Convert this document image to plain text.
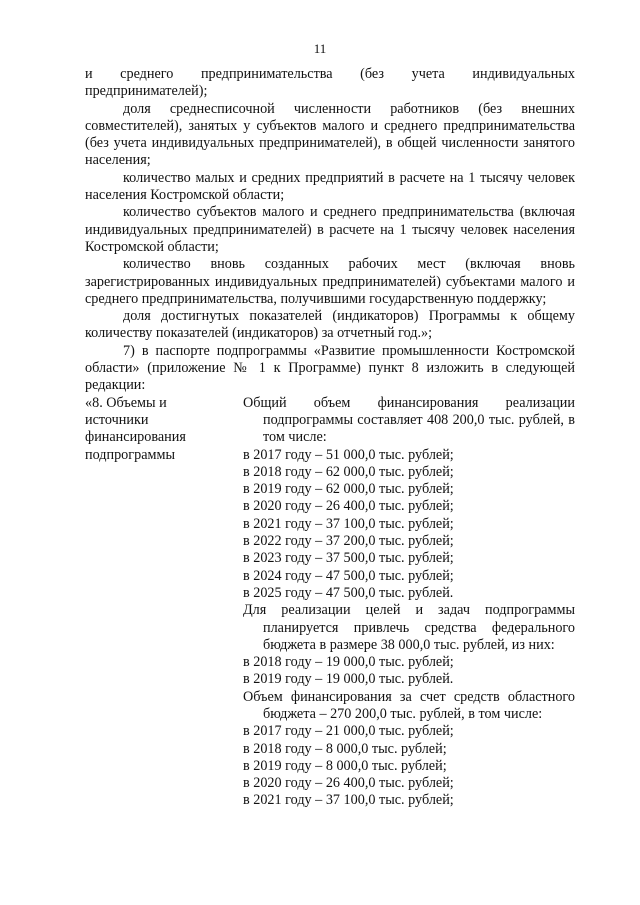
11

и среднего предпринимательства (без учета индивидуальных предпринимателей);

доля среднесписочной численности работников (без внешних совместителей), занятых у субъектов малого и среднего предпринимательства (без учета индивидуальных предпринимателей), в общей численности занятого населения;

количество малых и средних предприятий в расчете на 1 тысячу человек населения Костромской области;

количество субъектов малого и среднего предпринимательства (включая индивидуальных предпринимателей) в расчете на 1 тысячу человек населения Костромской области;

количество вновь созданных рабочих мест (включая вновь зарегистрированных индивидуальных предпринимателей) субъектами малого и среднего предпринимательства, получившими государственную поддержку;

доля достигнутых показателей (индикаторов) Программы к общему количеству показателей (индикаторов) за отчетный год.»;

7) в паспорте подпрограммы «Развитие промышленности Костромской области» (приложение № 1 к Программе) пункт 8 изложить в следующей редакции:

«8. Объемы и
источники
финансирования
подпрограммы

Общий объем финансирования реализации подпрограммы составляет 408 200,0 тыс. рублей, в том числе:

в 2017 году – 51 000,0 тыс. рублей;

в 2018 году – 62 000,0 тыс. рублей;

в 2019 году – 62 000,0 тыс. рублей;

в 2020 году – 26 400,0 тыс. рублей;

в 2021 году – 37 100,0 тыс. рублей;

в 2022 году – 37 200,0 тыс. рублей;

в 2023 году – 37 500,0 тыс. рублей;

в 2024 году – 47 500,0 тыс. рублей;

в 2025 году – 47 500,0 тыс. рублей.

Для реализации целей и задач подпрограммы планируется привлечь средства федерального бюджета в размере 38 000,0 тыс. рублей, из них:

в 2018 году – 19 000,0 тыс. рублей;

в 2019 году – 19 000,0 тыс. рублей.

Объем финансирования за счет средств областного бюджета – 270 200,0 тыс. рублей, в том числе:

в 2017 году – 21 000,0 тыс. рублей;

в 2018 году – 8 000,0 тыс. рублей;

в 2019 году – 8 000,0 тыс. рублей;

в 2020 году – 26 400,0 тыс. рублей;

в 2021 году – 37 100,0 тыс. рублей;
